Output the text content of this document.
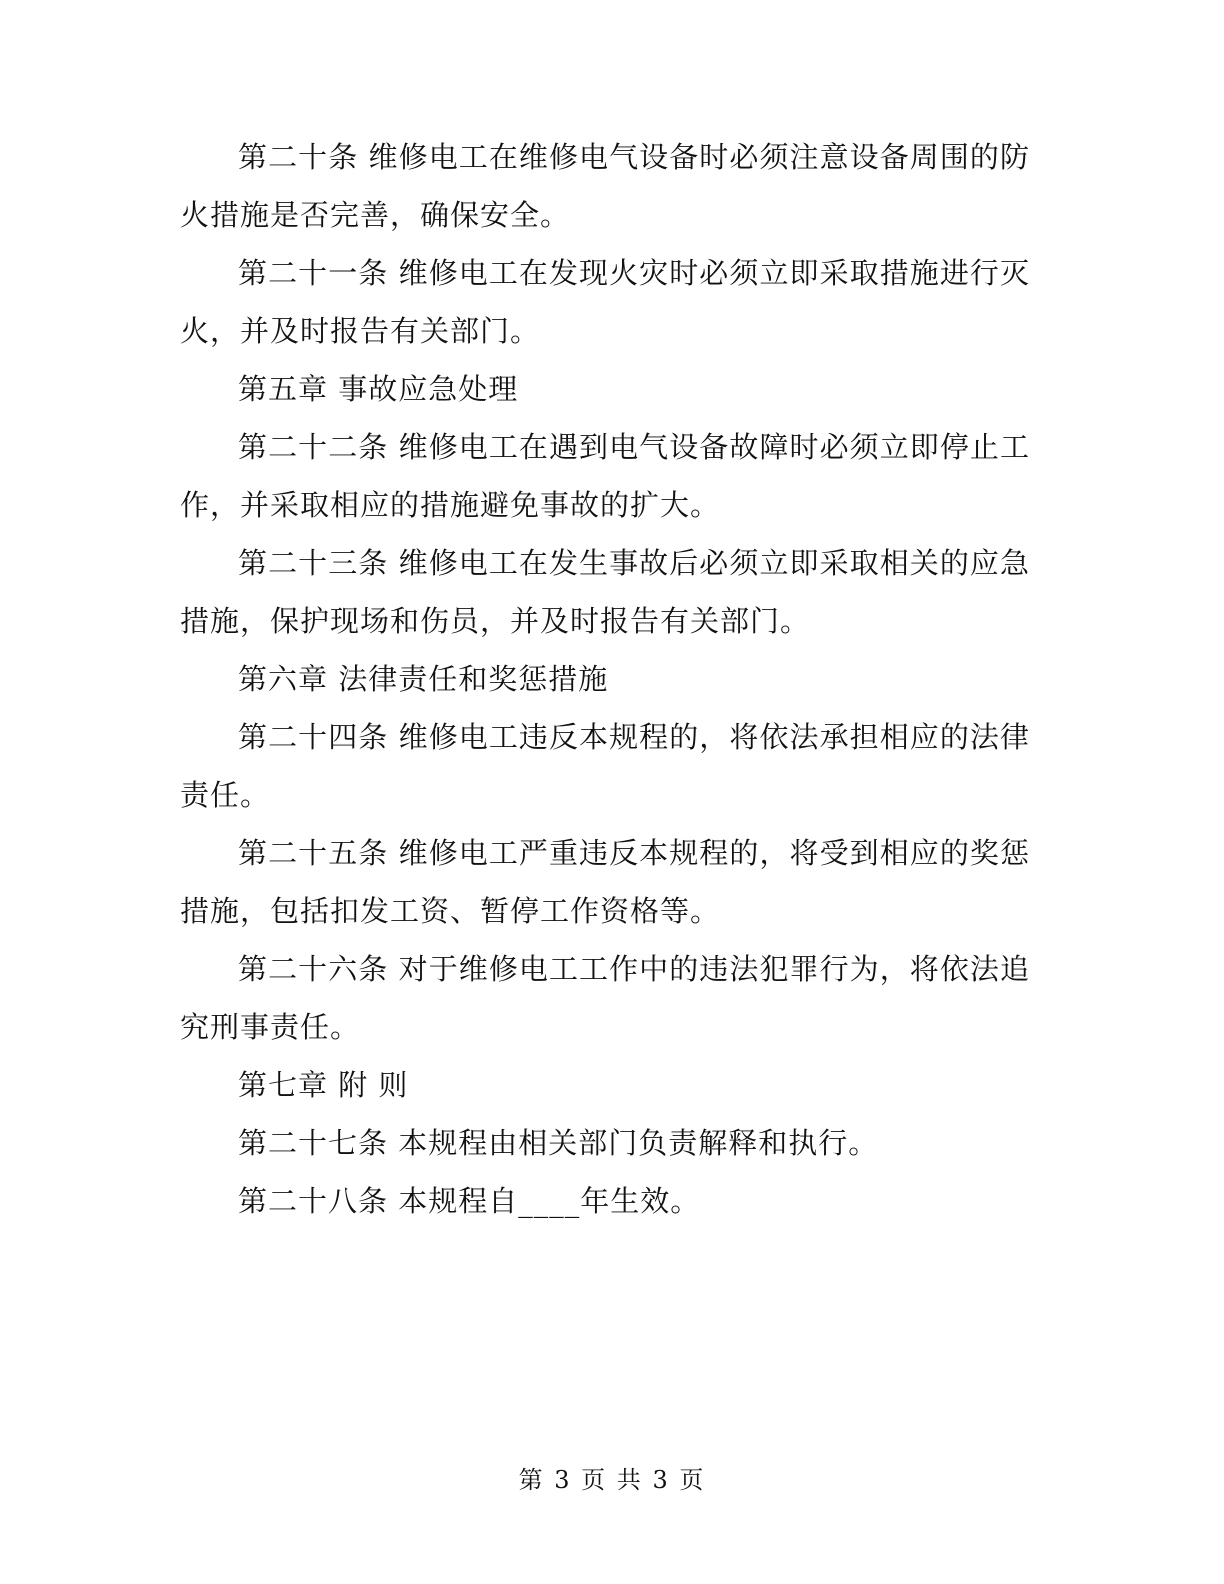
第二十条 维修电工在维修电气设备时必须注意设备周围的防火措施是否完善，确保安全。

第二十一条 维修电工在发现火灾时必须立即采取措施进行灭火，并及时报告有关部门。

第五章 事故应急处理

第二十二条 维修电工在遇到电气设备故障时必须立即停止工作，并采取相应的措施避免事故的扩大。

第二十三条 维修电工在发生事故后必须立即采取相关的应急措施，保护现场和伤员，并及时报告有关部门。

第六章 法律责任和奖惩措施

第二十四条 维修电工违反本规程的，将依法承担相应的法律责任。

第二十五条 维修电工严重违反本规程的，将受到相应的奖惩措施，包括扣发工资、暂停工作资格等。

第二十六条 对于维修电工工作中的违法犯罪行为，将依法追究刑事责任。

第七章 附 则

第二十七条 本规程由相关部门负责解释和执行。

第二十八条 本规程自____年生效。

第 3 页 共 3 页
